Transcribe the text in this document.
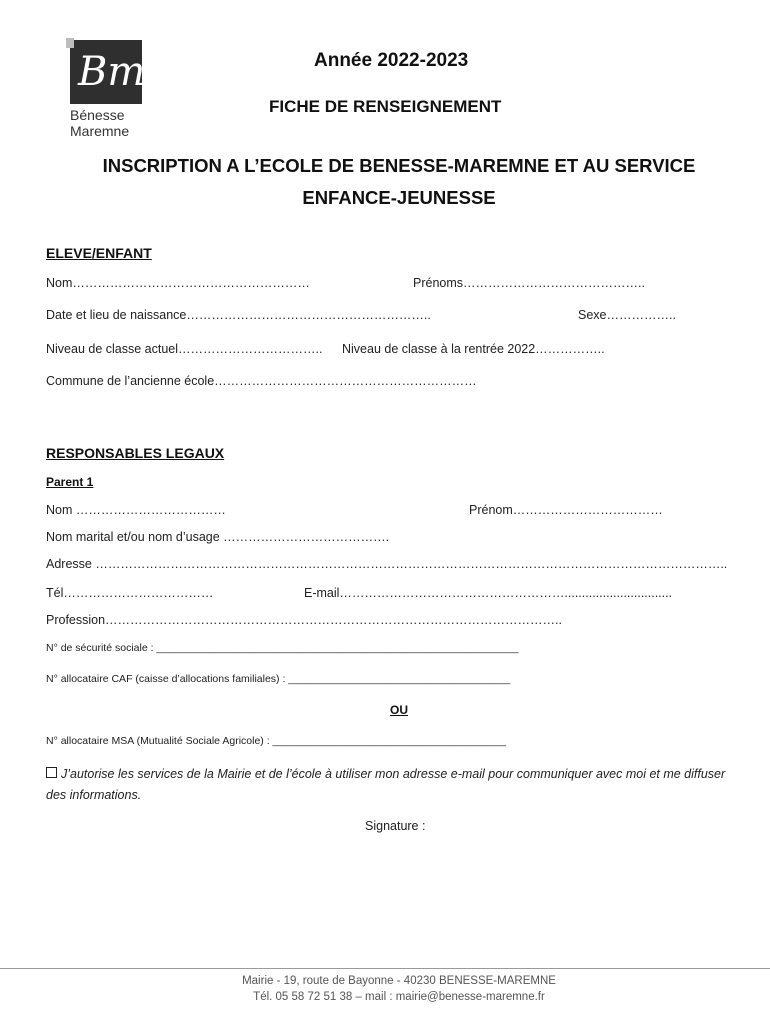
Bm
Bénesse
Maremne
Année 2022-2023
FICHE DE RENSEIGNEMENT
INSCRIPTION A L’ECOLE DE BENESSE-MAREMNE ET AU SERVICE
ENFANCE-JEUNESSE
ELEVE/ENFANT
Nom…………………………………………………	Prénoms……………………………………..
Date et lieu de naissance…………………………………………………..	Sexe……………..
Niveau de classe actuel…………………………….. Niveau de classe à la rentrée 2022……………..
Commune de l’ancienne école………………………………………………………
RESPONSABLES LEGAUX
Parent 1
Nom ………………………………	Prénom………………………………
Nom marital et/ou nom d’usage ………………………………….
Adresse ……………………………………………………………………………………………………………………………………..
Tél………………………………	E-mail………………………………………………...............................
Profession………………………………………………………………………………………………..
N° de sécurité sociale : ______________________________________________________________
N° allocataire CAF (caisse d’allocations familiales) : ______________________________________
OU
N° allocataire MSA (Mutualité Sociale Agricole) : ________________________________________
J’autorise les services de la Mairie et de l’école à utiliser mon adresse e-mail pour communiquer avec moi et me diffuser des informations.
Signature :
Mairie - 19, route de Bayonne - 40230 BENESSE-MAREMNE
Tél. 05 58 72 51 38 – mail : mairie@benesse-maremne.fr
